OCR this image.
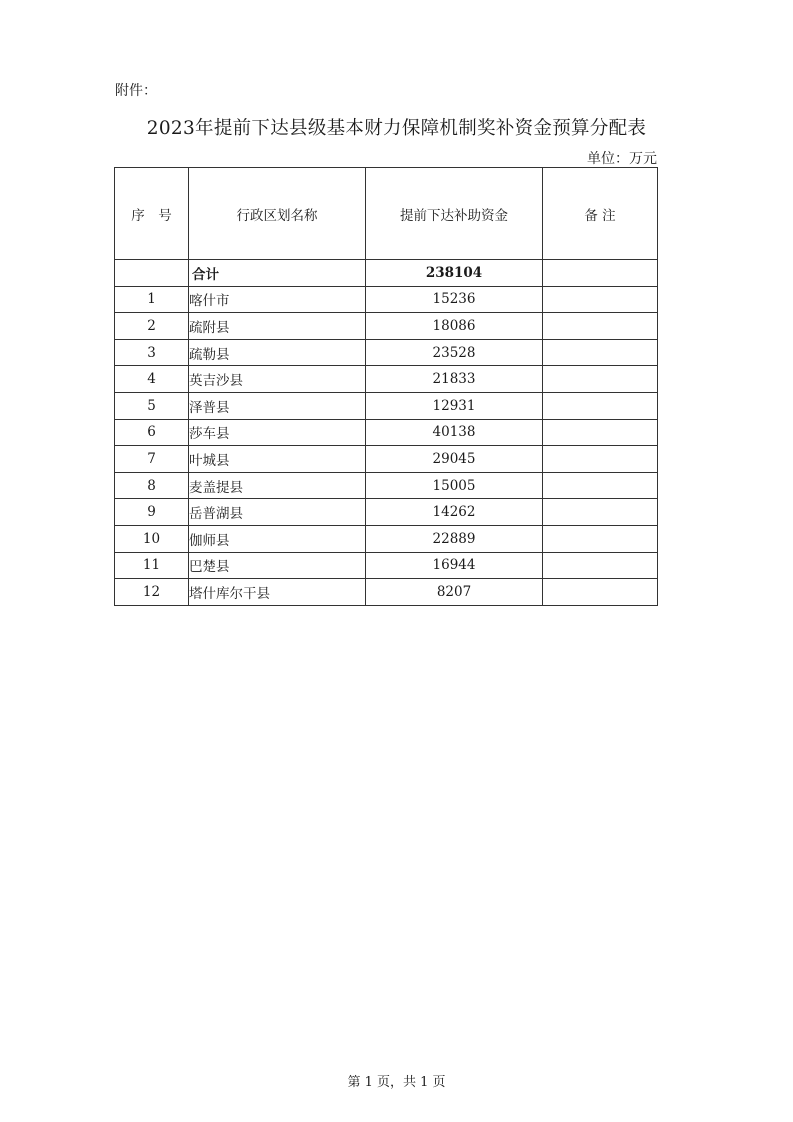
附件：
2023年提前下达县级基本财力保障机制奖补资金预算分配表
单位：万元
序　号	行政区划名称	提前下达补助资金	备 注
	合计	238104	
1	喀什市	15236	
2	疏附县	18086	
3	疏勒县	23528	
4	英吉沙县	21833	
5	泽普县	12931	
6	莎车县	40138	
7	叶城县	29045	
8	麦盖提县	15005	
9	岳普湖县	14262	
10	伽师县	22889	
11	巴楚县	16944	
12	塔什库尔干县	8207	
第 1 页，共 1 页
